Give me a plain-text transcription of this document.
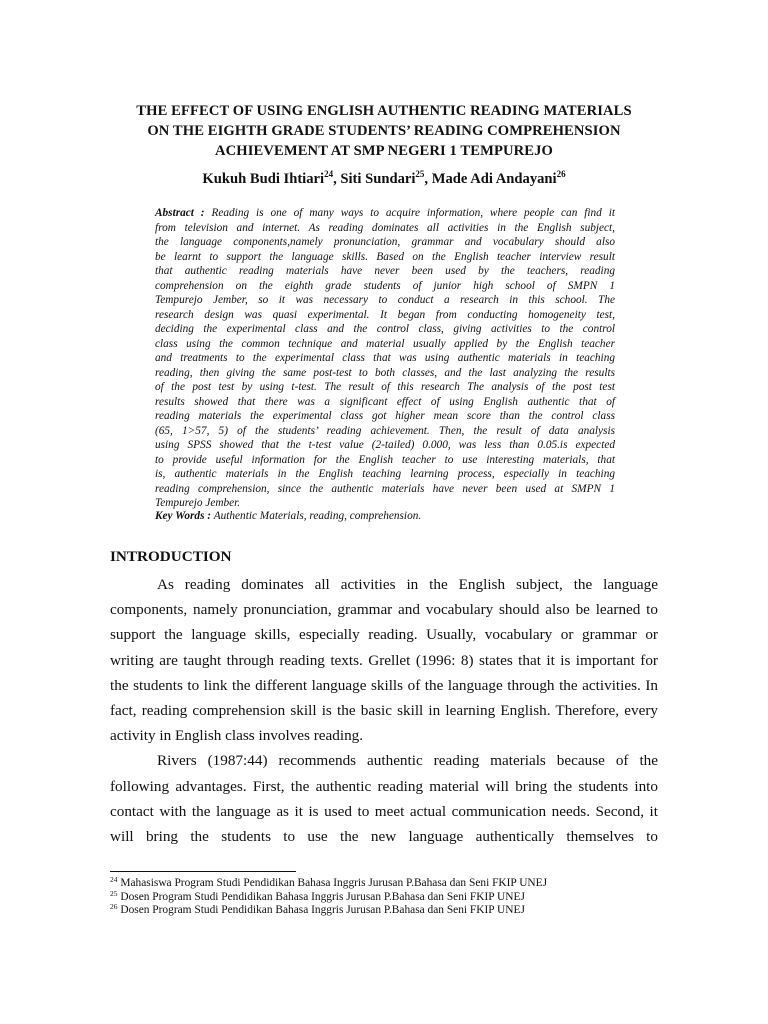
THE EFFECT OF USING ENGLISH AUTHENTIC READING MATERIALS
ON THE EIGHTH GRADE STUDENTS’ READING COMPREHENSION
ACHIEVEMENT AT SMP NEGERI 1 TEMPUREJO
Kukuh Budi Ihtiari$^{24}$, Siti Sundari$^{25}$, Made Adi Andayani$^{26}$
Abstract : Reading is one of many ways to acquire information, where people can find it
from television and internet. As reading dominates all activities in the English subject,
the language components,namely pronunciation, grammar and vocabulary should also
be learnt to support the language skills. Based on the English teacher interview result
that authentic reading materials have never been used by the teachers, reading
comprehension on the eighth grade students of junior high school of SMPN 1
Tempurejo Jember, so it was necessary to conduct a research in this school. The
research design was quasi experimental. It began from conducting homogeneity test,
deciding the experimental class and the control class, giving activities to the control
class using the common technique and material usually applied by the English teacher
and treatments to the experimental class that was using authentic materials in teaching
reading, then giving the same post-test to both classes, and the last analyzing the results
of the post test by using t-test. The result of this research The analysis of the post test
results showed that there was a significant effect of using English authentic that of
reading materials the experimental class got higher mean score than the control class
(65, 1>57, 5) of the students’ reading achievement. Then, the result of data analysis
using SPSS showed that the t-test value (2-tailed) 0.000, was less than 0.05.is expected
to provide useful information for the English teacher to use interesting materials, that
is, authentic materials in the English teaching learning process, especially in teaching
reading comprehension, since the authentic materials have never been used at SMPN 1
Tempurejo Jember.
Key Words : Authentic Materials, reading, comprehension.
INTRODUCTION
As reading dominates all activities in the English subject, the language
components, namely pronunciation, grammar and vocabulary should also be learned to
support the language skills, especially reading. Usually, vocabulary or grammar or
writing are taught through reading texts. Grellet (1996: 8) states that it is important for
the students to link the different language skills of the language through the activities. In
fact, reading comprehension skill is the basic skill in learning English. Therefore, every
activity in English class involves reading.
Rivers (1987:44) recommends authentic reading materials because of the
following advantages. First, the authentic reading material will bring the students into
contact with the language as it is used to meet actual communication needs. Second, it
will bring the students to use the new language authentically themselves to
$^{24}$ Mahasiswa Program Studi Pendidikan Bahasa Inggris Jurusan P.Bahasa dan Seni FKIP UNEJ
$^{25}$ Dosen Program Studi Pendidikan Bahasa Inggris Jurusan P.Bahasa dan Seni FKIP UNEJ
$^{26}$ Dosen Program Studi Pendidikan Bahasa Inggris Jurusan P.Bahasa dan Seni FKIP UNEJ
